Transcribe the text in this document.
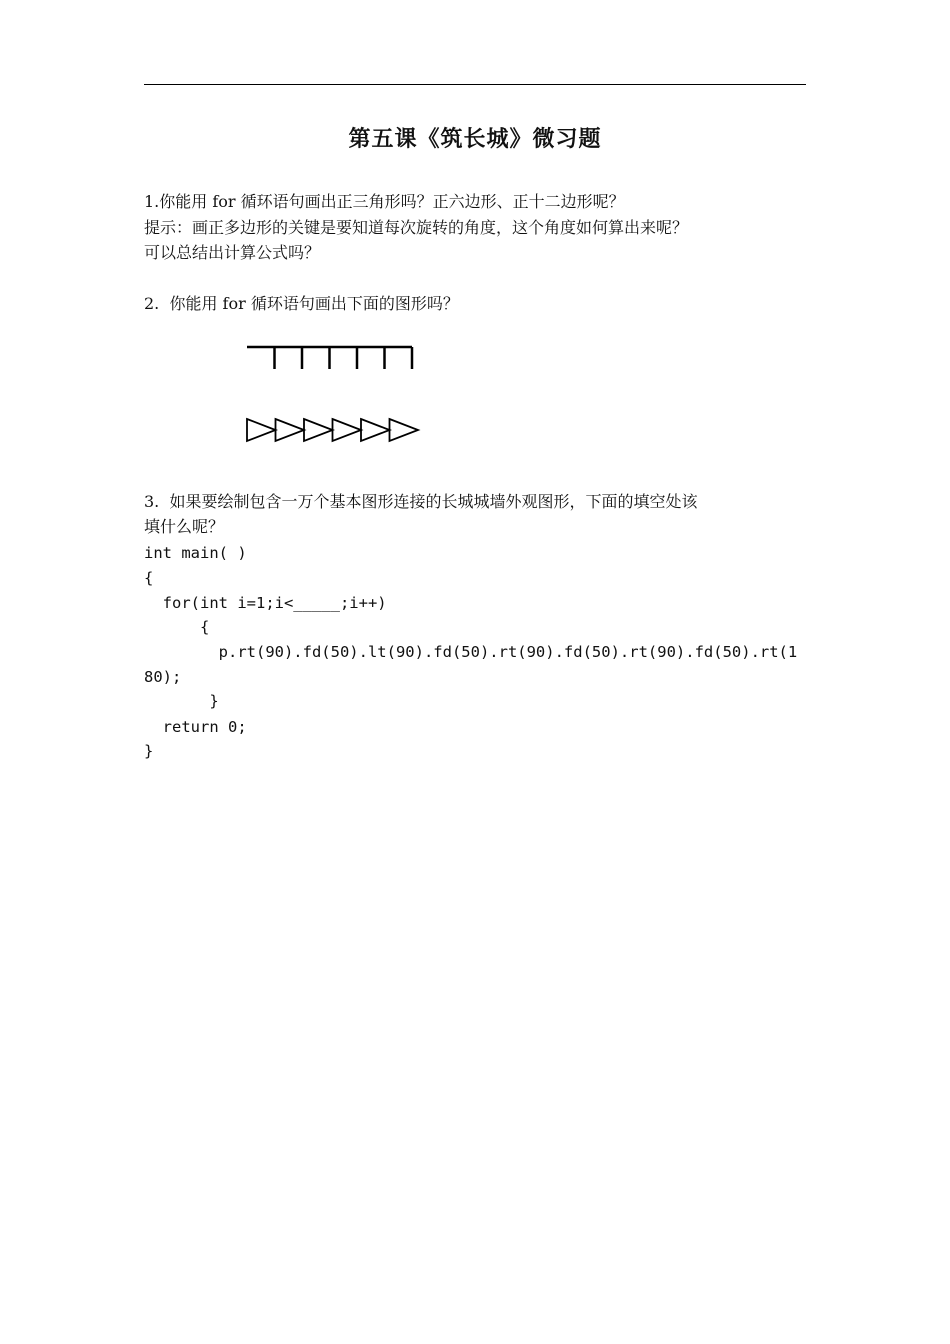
第五课《筑长城》微习题
1.你能用 for 循环语句画出正三角形吗？正六边形、正十二边形呢？
提示：画正多边形的关键是要知道每次旋转的角度，这个角度如何算出来呢？
可以总结出计算公式吗？
2.  你能用 for 循环语句画出下面的图形吗？
3.  如果要绘制包含一万个基本图形连接的长城城墙外观图形，下面的填空处该
填什么呢？
int main( )
{
for(int i=1;i<_____;i++)
{
p.rt(90).fd(50).lt(90).fd(50).rt(90).fd(50).rt(90).fd(50).rt(1
80);
}
return 0;
}
